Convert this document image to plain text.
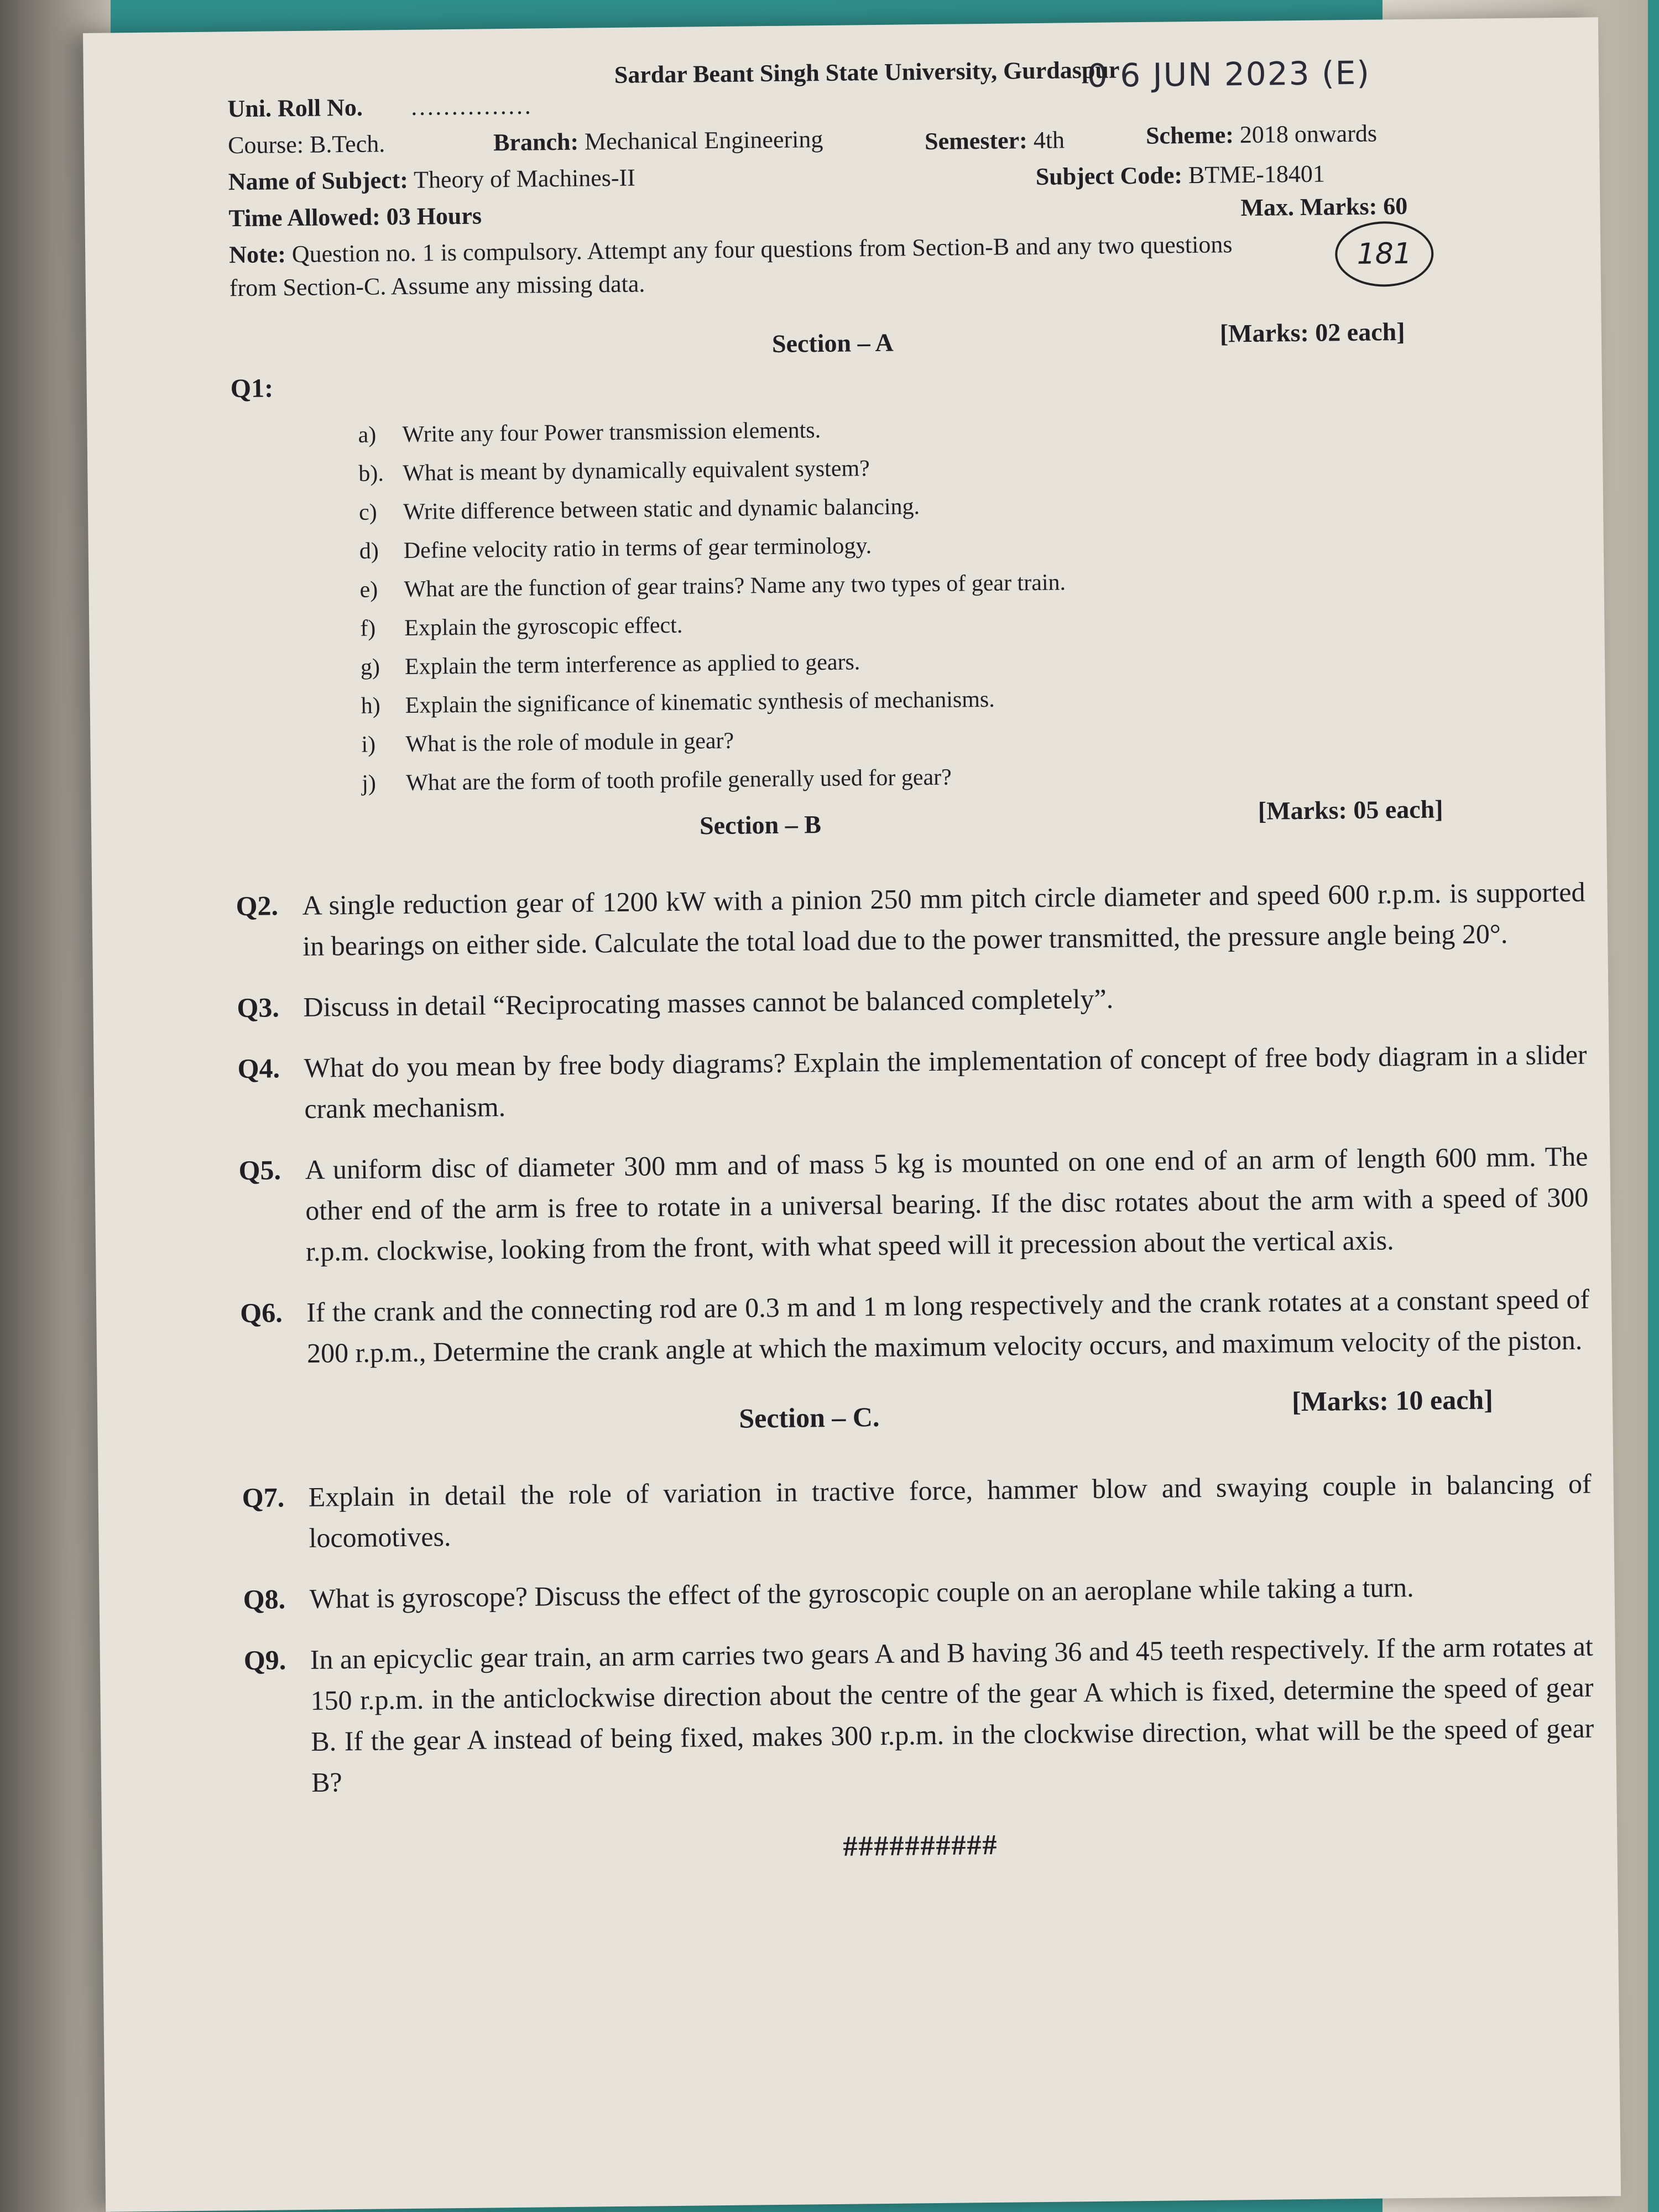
0 6 JUN 2023 (E)
181
Sardar Beant Singh State University, Gurdaspur
Uni. Roll No. ……………
Course: B.Tech.	Branch: Mechanical Engineering	Semester: 4th	Scheme: 2018 onwards
Name of Subject: Theory of Machines-II	Subject Code: BTME-18401
Time Allowed: 03 Hours	Max. Marks: 60
Note: Question no. 1 is compulsory. Attempt any four questions from Section-B and any two questions
from Section-C. Assume any missing data.
Section – A	[Marks: 02 each]
Q1:
a) Write any four Power transmission elements.
b). What is meant by dynamically equivalent system?
c) Write difference between static and dynamic balancing.
d) Define velocity ratio in terms of gear terminology.
e) What are the function of gear trains? Name any two types of gear train.
f) Explain the gyroscopic effect.
g) Explain the term interference as applied to gears.
h) Explain the significance of kinematic synthesis of mechanisms.
i) What is the role of module in gear?
j) What are the form of tooth profile generally used for gear?
Section – B	[Marks: 05 each]
Q2. A single reduction gear of 1200 kW with a pinion 250 mm pitch circle diameter and speed 600 r.p.m. is supported in bearings on either side. Calculate the total load due to the power transmitted, the pressure angle being 20°.
Q3. Discuss in detail “Reciprocating masses cannot be balanced completely”.
Q4. What do you mean by free body diagrams? Explain the implementation of concept of free body diagram in a slider crank mechanism.
Q5. A uniform disc of diameter 300 mm and of mass 5 kg is mounted on one end of an arm of length 600 mm. The other end of the arm is free to rotate in a universal bearing. If the disc rotates about the arm with a speed of 300 r.p.m. clockwise, looking from the front, with what speed will it precession about the vertical axis.
Q6. If the crank and the connecting rod are 0.3 m and 1 m long respectively and the crank rotates at a constant speed of 200 r.p.m., Determine the crank angle at which the maximum velocity occurs, and maximum velocity of the piston.
Section – C.
[Marks: 10 each]
Q7. Explain in detail the role of variation in tractive force, hammer blow and swaying couple in balancing of locomotives.
Q8. What is gyroscope? Discuss the effect of the gyroscopic couple on an aeroplane while taking a turn.
Q9. In an epicyclic gear train, an arm carries two gears A and B having 36 and 45 teeth respectively. If the arm rotates at 150 r.p.m. in the anticlockwise direction about the centre of the gear A which is fixed, determine the speed of gear B. If the gear A instead of being fixed, makes 300 r.p.m. in the clockwise direction, what will be the speed of gear B?
##########
